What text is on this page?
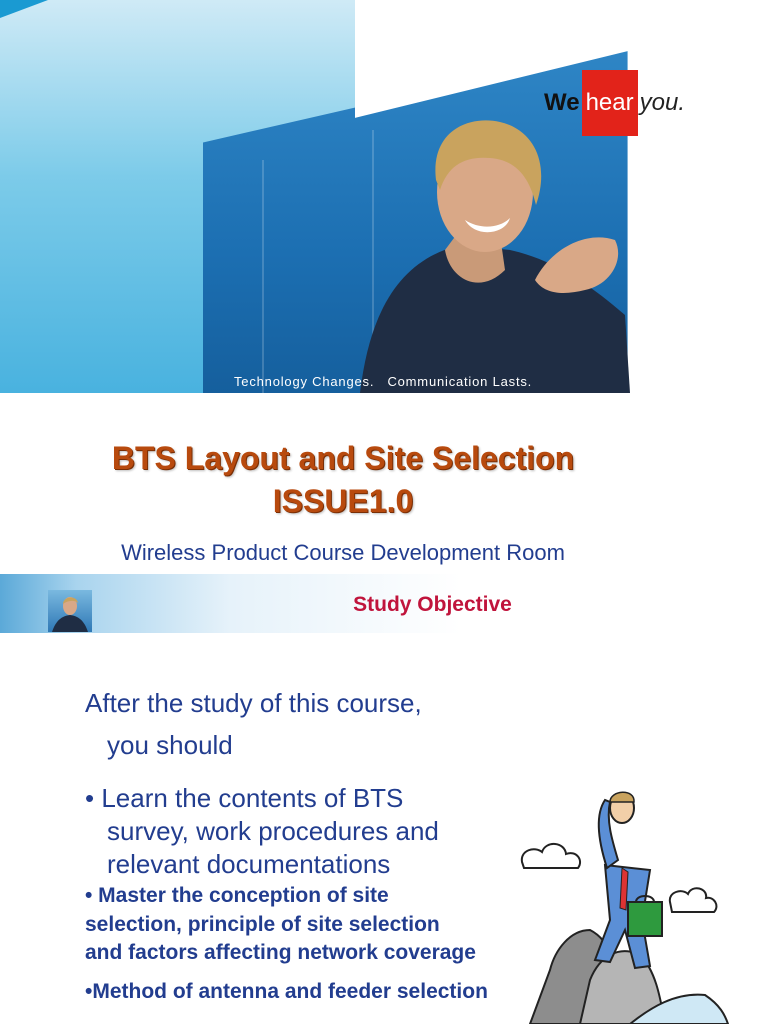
We hear you.
Technology Changes.   Communication Lasts.
BTS Layout and Site Selection
ISSUE1.0
Wireless Product Course Development Room
Study Objective
After the study of this course,
you should
• Learn the contents of BTS
survey, work procedures and
relevant documentations
• Master the conception of site
selection, principle of site selection
and factors affecting network coverage
•Method of antenna and feeder selection
